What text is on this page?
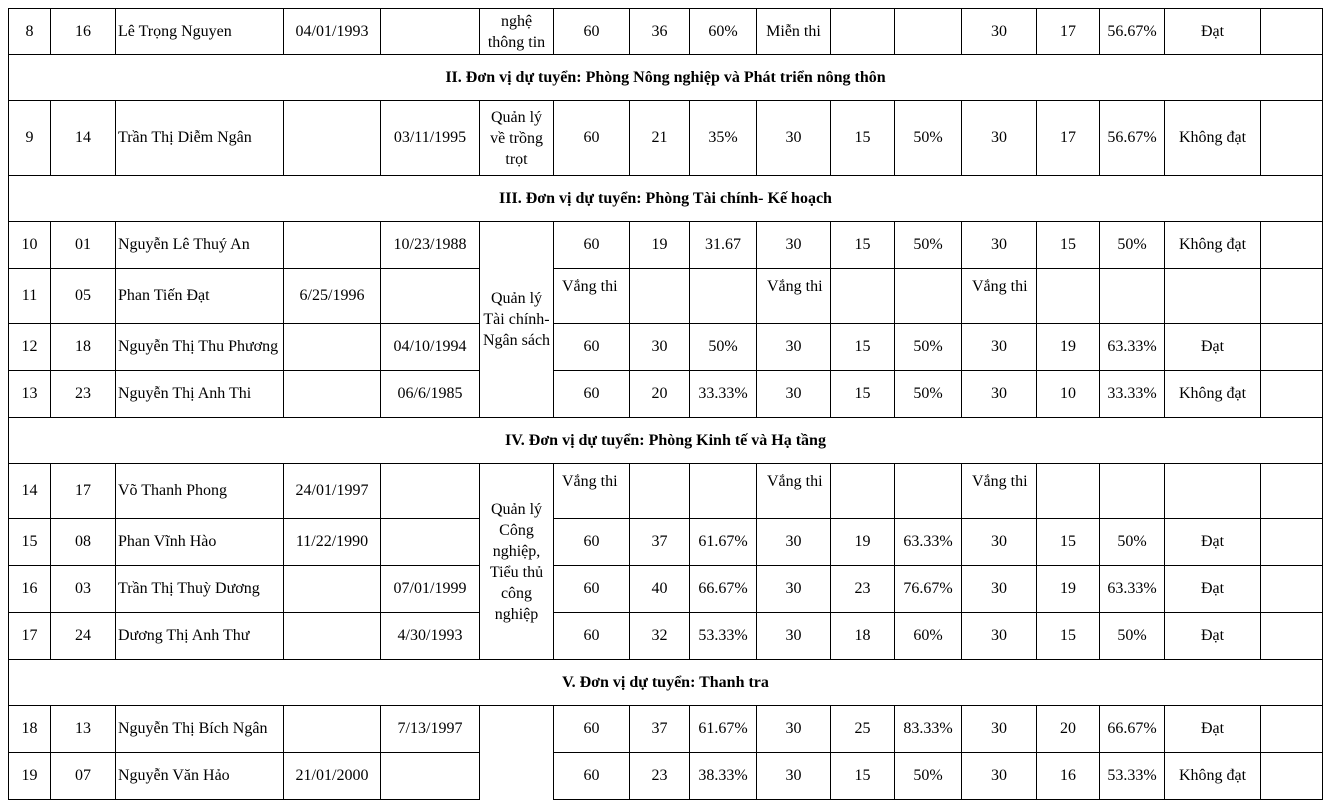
8	16	Lê Trọng Nguyen	04/01/1993		nghệ thông tin	60	36	60%	Miễn thi			30	17	56.67%	Đạt	
II. Đơn vị dự tuyển: Phòng Nông nghiệp và Phát triển nông thôn																
9	14	Trần Thị Diễm Ngân		03/11/1995	Quản lý về trồng trọt	60	21	35%	30	15	50%	30	17	56.67%	Không đạt	
III. Đơn vị dự tuyển: Phòng Tài chính- Kế hoạch																
10	01	Nguyễn Lê Thuý An		10/23/1988	Quản lý Tài chính- Ngân sách	60	19	31.67	30	15	50%	30	15	50%	Không đạt	
11	05	Phan Tiến Đạt	6/25/1996			Vắng thi			Vắng thi			Vắng thi				
12	18	Nguyễn Thị Thu Phương		04/10/1994		60	30	50%	30	15	50%	30	19	63.33%	Đạt	
13	23	Nguyễn Thị Anh Thi		06/6/1985		60	20	33.33%	30	15	50%	30	10	33.33%	Không đạt	
IV. Đơn vị dự tuyển: Phòng Kinh tế và Hạ tầng																
14	17	Võ Thanh Phong	24/01/1997		Quản lý Công nghiệp, Tiểu thủ công nghiệp	Vắng thi			Vắng thi			Vắng thi				
15	08	Phan Vĩnh Hào	11/22/1990			60	37	61.67%	30	19	63.33%	30	15	50%	Đạt	
16	03	Trần Thị Thuỳ Dương		07/01/1999		60	40	66.67%	30	23	76.67%	30	19	63.33%	Đạt	
17	24	Dương Thị Anh Thư		4/30/1993		60	32	53.33%	30	18	60%	30	15	50%	Đạt	
V. Đơn vị dự tuyển: Thanh tra																
18	13	Nguyễn Thị Bích Ngân		7/13/1997		60	37	61.67%	30	25	83.33%	30	20	66.67%	Đạt	
19	07	Nguyễn Văn Hảo	21/01/2000			60	23	38.33%	30	15	50%	30	16	53.33%	Không đạt	
